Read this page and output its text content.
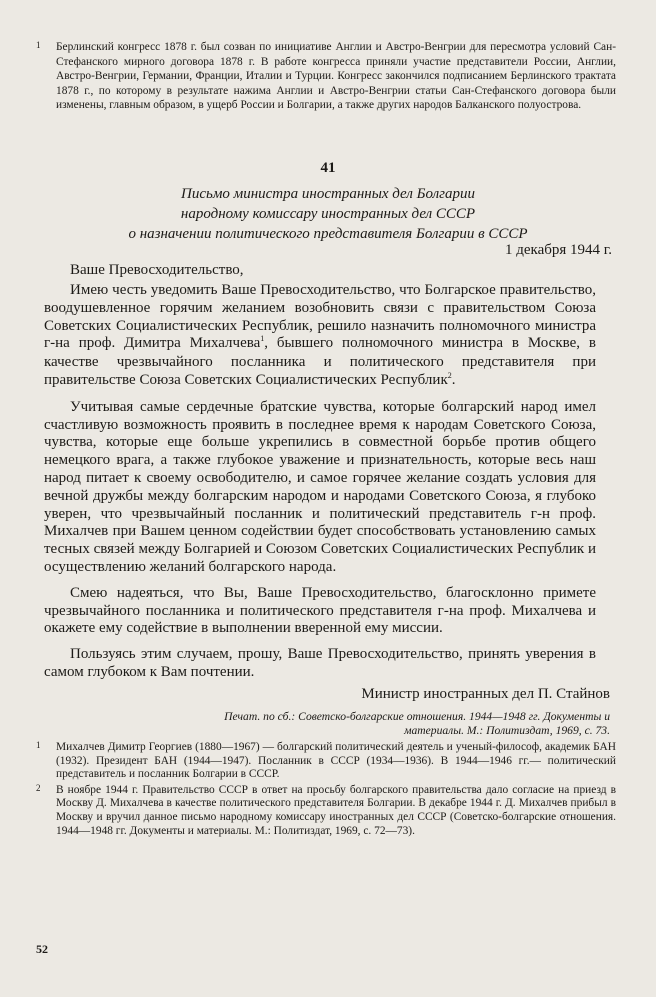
1 Берлинский конгресс 1878 г. был созван по инициативе Англии и Австро-Венгрии для пересмотра условий Сан-Стефанского мирного договора 1878 г. В работе конгресса приняли участие представители России, Англии, Австро-Венгрии, Германии, Франции, Италии и Турции. Конгресс закончился подписанием Берлинского трактата 1878 г., по которому в результате нажима Англии и Австро-Венгрии статьи Сан-Стефанского договора были изменены, главным образом, в ущерб России и Болгарии, а также других народов Балканского полуострова.
41
Письмо министра иностранных дел Болгарии
народному комиссару иностранных дел СССР
о назначении политического представителя Болгарии в СССР
1 декабря 1944 г.
Ваше Превосходительство,

Имею честь уведомить Ваше Превосходительство, что Болгарское правительство, воодушевленное горячим желанием возобновить связи с правительством Союза Советских Социалистических Республик, решило назначить полномочного министра г-на проф. Димитра Михалчева$^1$, бывшего полномочного министра в Москве, в качестве чрезвычайного посланника и политического представителя при правительстве Союза Советских Социалистических Республик$^2$.

Учитывая самые сердечные братские чувства, которые болгарский народ имел счастливую возможность проявить в последнее время к народам Советского Союза, чувства, которые еще больше укрепились в совместной борьбе против общего немецкого врага, а также глубокое уважение и признательность, которые весь наш народ питает к своему освободителю, и самое горячее желание создать условия для вечной дружбы между болгарским народом и народами Советского Союза, я глубоко уверен, что чрезвычайный посланник и политический представитель г-н проф. Михалчев при Вашем ценном содействии будет способствовать установлению самых тесных связей между Болгарией и Союзом Советских Социалистических Республик и осуществлению желаний болгарского народа.

Смею надеяться, что Вы, Ваше Превосходительство, благосклонно примете чрезвычайного посланника и политического представителя г-на проф. Михалчева и окажете ему содействие в выполнении вверенной ему миссии.

Пользуясь этим случаем, прошу, Ваше Превосходительство, принять уверения в самом глубоком к Вам почтении.

Министр иностранных дел П. Стайнов
Печат. по сб.: Советско-болгарские отношения. 1944—1948 гг. Документы и материалы. М.: Политиздат, 1969, с. 73.
1 Михалчев Димитр Георгиев (1880—1967) — болгарский политический деятель и ученый-философ, академик БАН (1932). Президент БАН (1944—1947). Посланник в СССР (1934—1936). В 1944—1946 гг.— политический представитель и посланник Болгарии в СССР.
2 В ноябре 1944 г. Правительство СССР в ответ на просьбу болгарского правительства дало согласие на приезд в Москву Д. Михалчева в качестве политического представителя Болгарии. В декабре 1944 г. Д. Михалчев прибыл в Москву и вручил данное письмо народному комиссару иностранных дел СССР (Советско-болгарские отношения. 1944—1948 гг. Документы и материалы. М.: Политиздат, 1969, с. 72—73).
52
